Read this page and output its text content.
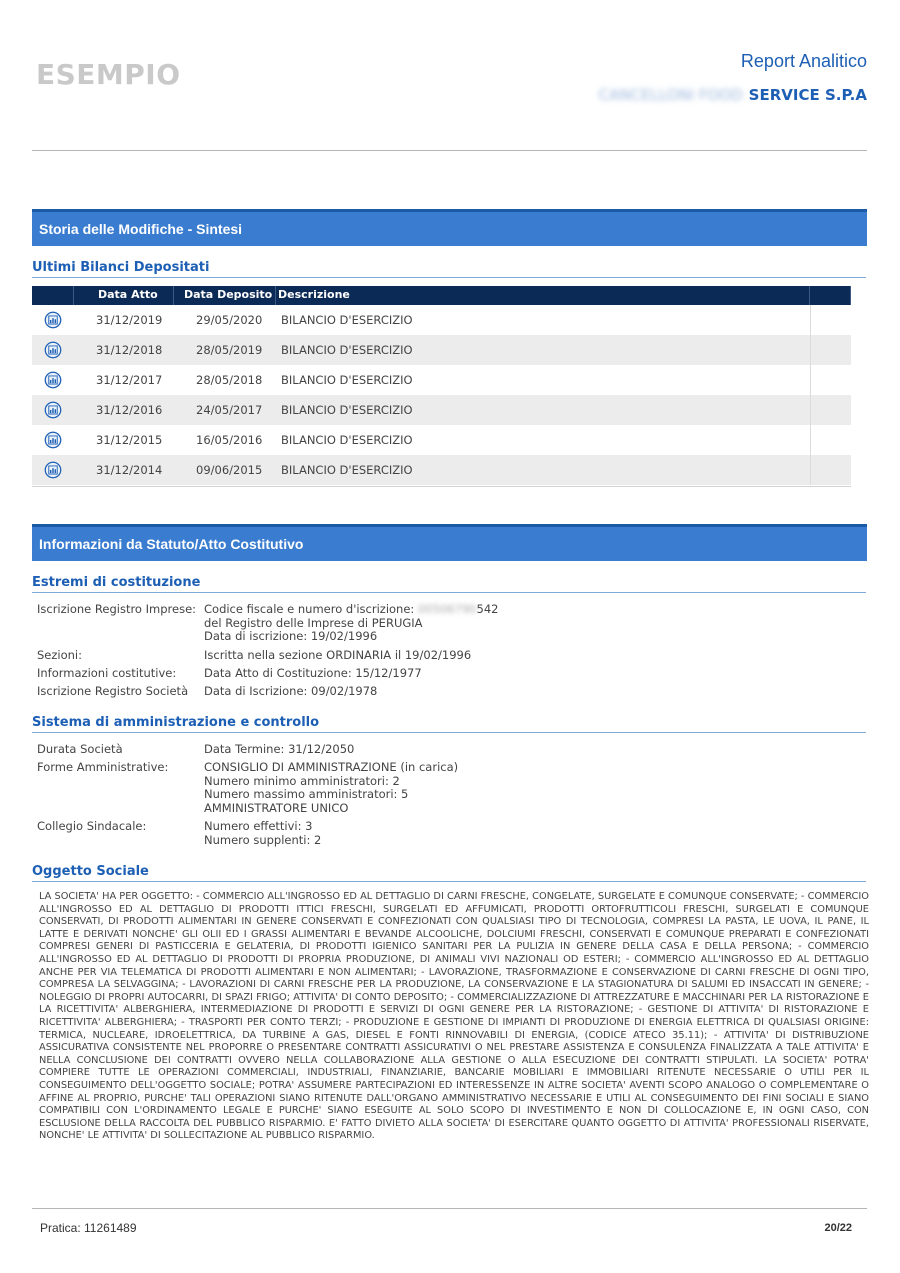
ESEMPIO	Report Analitico
CANCELLONI FOOD SERVICE S.P.A
Storia delle Modifiche - Sintesi
Ultimi Bilanci Depositati
Data Atto	Data Deposito Descrizione
31/12/2019	29/05/2020	BILANCIO D'ESERCIZIO
31/12/2018	28/05/2019	BILANCIO D'ESERCIZIO
31/12/2017	28/05/2018	BILANCIO D'ESERCIZIO
31/12/2016	24/05/2017	BILANCIO D'ESERCIZIO
31/12/2015	16/05/2016	BILANCIO D'ESERCIZIO
31/12/2014	09/06/2015	BILANCIO D'ESERCIZIO
Informazioni da Statuto/Atto Costitutivo
Estremi di costituzione
Iscrizione Registro Imprese: Codice fiscale e numero d'iscrizione: 00506790542
del Registro delle Imprese di PERUGIA
Data di iscrizione: 19/02/1996
Sezioni:	Iscritta nella sezione ORDINARIA il 19/02/1996
Informazioni costitutive:	Data Atto di Costituzione: 15/12/1977
Iscrizione Registro Società	Data di Iscrizione: 09/02/1978
Sistema di amministrazione e controllo
Durata Società	Data Termine: 31/12/2050
Forme Amministrative:	CONSIGLIO DI AMMINISTRAZIONE (in carica)
Numero minimo amministratori: 2
Numero massimo amministratori: 5
AMMINISTRATORE UNICO
Collegio Sindacale:	Numero effettivi: 3
Numero supplenti: 2
Oggetto Sociale
LA SOCIETA' HA PER OGGETTO: - COMMERCIO ALL'INGROSSO ED AL DETTAGLIO DI CARNI FRESCHE, CONGELATE, SURGELATE E COMUNQUE CONSERVATE; - COMMERCIO ALL'INGROSSO ED AL DETTAGLIO DI PRODOTTI ITTICI FRESCHI, SURGELATI ED AFFUMICATI, PRODOTTI ORTOFRUTTICOLI FRESCHI, SURGELATI E COMUNQUE CONSERVATI, DI PRODOTTI ALIMENTARI IN GENERE CONSERVATI E CONFEZIONATI CON QUALSIASI TIPO DI TECNOLOGIA, COMPRESI LA PASTA, LE UOVA, IL PANE, IL LATTE E DERIVATI NONCHE' GLI OLII ED I GRASSI ALIMENTARI E BEVANDE ALCOOLICHE, DOLCIUMI FRESCHI, CONSERVATI E COMUNQUE PREPARATI E CONFEZIONATI COMPRESI GENERI DI PASTICCERIA E GELATERIA, DI PRODOTTI IGIENICO SANITARI PER LA PULIZIA IN GENERE DELLA CASA E DELLA PERSONA; - COMMERCIO ALL'INGROSSO ED AL DETTAGLIO DI PRODOTTI DI PROPRIA PRODUZIONE, DI ANIMALI VIVI NAZIONALI OD ESTERI; - COMMERCIO ALL'INGROSSO ED AL DETTAGLIO ANCHE PER VIA TELEMATICA DI PRODOTTI ALIMENTARI E NON ALIMENTARI; - LAVORAZIONE, TRASFORMAZIONE E CONSERVAZIONE DI CARNI FRESCHE DI OGNI TIPO, COMPRESA LA SELVAGGINA; - LAVORAZIONI DI CARNI FRESCHE PER LA PRODUZIONE, LA CONSERVAZIONE E LA STAGIONATURA DI SALUMI ED INSACCATI IN GENERE; - NOLEGGIO DI PROPRI AUTOCARRI, DI SPAZI FRIGO; ATTIVITA' DI CONTO DEPOSITO; - COMMERCIALIZZAZIONE DI ATTREZZATURE E MACCHINARI PER LA RISTORAZIONE E LA RICETTIVITA' ALBERGHIERA, INTERMEDIAZIONE DI PRODOTTI E SERVIZI DI OGNI GENERE PER LA RISTORAZIONE; - GESTIONE DI ATTIVITA' DI RISTORAZIONE E RICETTIVITA' ALBERGHIERA; - TRASPORTI PER CONTO TERZI; - PRODUZIONE E GESTIONE DI IMPIANTI DI PRODUZIONE DI ENERGIA ELETTRICA DI QUALSIASI ORIGINE: TERMICA, NUCLEARE, IDROELETTRICA, DA TURBINE A GAS, DIESEL E FONTI RINNOVABILI DI ENERGIA, (CODICE ATECO 35.11); - ATTIVITA' DI DISTRIBUZIONE ASSICURATIVA CONSISTENTE NEL PROPORRE O PRESENTARE CONTRATTI ASSICURATIVI O NEL PRESTARE ASSISTENZA E CONSULENZA FINALIZZATA A TALE ATTIVITA' E NELLA CONCLUSIONE DEI CONTRATTI OVVERO NELLA COLLABORAZIONE ALLA GESTIONE O ALLA ESECUZIONE DEI CONTRATTI STIPULATI. LA SOCIETA' POTRA' COMPIERE TUTTE LE OPERAZIONI COMMERCIALI, INDUSTRIALI, FINANZIARIE, BANCARIE MOBILIARI E IMMOBILIARI RITENUTE NECESSARIE O UTILI PER IL CONSEGUIMENTO DELL'OGGETTO SOCIALE; POTRA' ASSUMERE PARTECIPAZIONI ED INTERESSENZE IN ALTRE SOCIETA' AVENTI SCOPO ANALOGO O COMPLEMENTARE O AFFINE AL PROPRIO, PURCHE' TALI OPERAZIONI SIANO RITENUTE DALL'ORGANO AMMINISTRATIVO NECESSARIE E UTILI AL CONSEGUIMENTO DEI FINI SOCIALI E SIANO COMPATIBILI CON L'ORDINAMENTO LEGALE E PURCHE' SIANO ESEGUITE AL SOLO SCOPO DI INVESTIMENTO E NON DI COLLOCAZIONE E, IN OGNI CASO, CON ESCLUSIONE DELLA RACCOLTA DEL PUBBLICO RISPARMIO. E' FATTO DIVIETO ALLA SOCIETA' DI ESERCITARE QUANTO OGGETTO DI ATTIVITA' PROFESSIONALI RISERVATE, NONCHE' LE ATTIVITA' DI SOLLECITAZIONE AL PUBBLICO RISPARMIO.
Pratica: 11261489	20/22
